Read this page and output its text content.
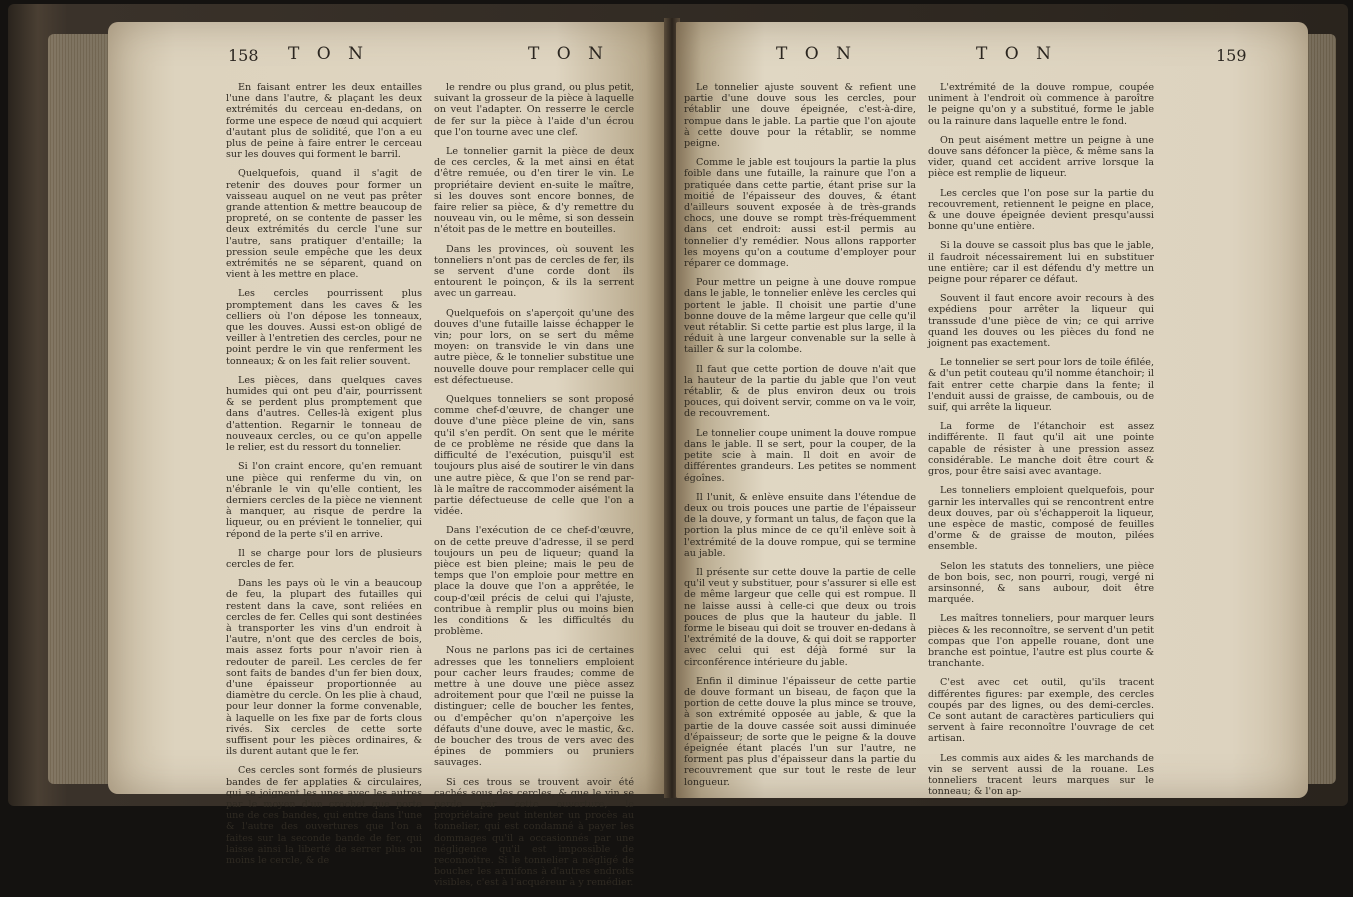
158 T O N	T O N

En faisant entrer les deux entailles l'une dans l'autre, & plaçant les deux extrémités du cerceau en-dedans, on forme une espece de nœud qui acquiert d'autant plus de solidité, que l'on a eu plus de peine à faire entrer le cerceau sur les douves qui forment le barril.

Quelquefois, quand il s'agit de retenir des douves pour former un vaisseau auquel on ne veut pas prêter grande attention & mettre beaucoup de propreté, on se contente de passer les deux extrémités du cercle l'une sur l'autre, sans pratiquer d'entaille; la pression seule empêche que les deux extrémités ne se séparent, quand on vient à les mettre en place.

Les cercles pourrissent plus promptement dans les caves & les celliers où l'on dépose les tonneaux, que les douves. Aussi est-on obligé de veiller à l'entretien des cercles, pour ne point perdre le vin que renferment les tonneaux; & on les fait relier souvent.

Les pièces, dans quelques caves humides qui ont peu d'air, pourrissent & se perdent plus promptement que dans d'autres. Celles-là exigent plus d'attention. Regarnir le tonneau de nouveaux cercles, ou ce qu'on appelle le relier, est du ressort du tonnelier.

Si l'on craint encore, qu'en remuant une pièce qui renferme du vin, on n'ébranle le vin qu'elle contient, les derniers cercles de la pièce ne viennent à manquer, au risque de perdre la liqueur, ou en prévient le tonnelier, qui répond de la perte s'il en arrive.

Il se charge pour lors de plusieurs cercles de fer.

Dans les pays où le vin a beaucoup de feu, la plupart des futailles qui restent dans la cave, sont reliées en cercles de fer. Celles qui sont destinées à transporter les vins d'un endroit à l'autre, n'ont que des cercles de bois, mais assez forts pour n'avoir rien à redouter de pareil. Les cercles de fer sont faits de bandes d'un fer bien doux, d'une épaisseur proportionnée au diamètre du cercle. On les plie à chaud, pour leur donner la forme convenable, à laquelle on les fixe par de forts clous rivés. Six cercles de cette sorte suffisent pour les pièces ordinaires, & ils durent autant que le fer.

Ces cercles sont formés de plusieurs bandes de fer applaties & circulaires, qui se joignent les unes avec les autres par le moyen d'un crochet que porte une de ces bandes, qui entre dans l'une & l'autre des ouvertures que l'on a faites sur la seconde bande de fer, qui laisse ainsi la liberté de serrer plus ou moins le cercle, & de

le rendre ou plus grand, ou plus petit, suivant la grosseur de la pièce à laquelle on veut l'adapter. On resserre le cercle de fer sur la pièce à l'aide d'un écrou que l'on tourne avec une clef.

Le tonnelier garnit la pièce de deux de ces cercles, & la met ainsi en état d'être remuée, ou d'en tirer le vin. Le propriétaire devient en-suite le maître, si les douves sont encore bonnes, de faire relier sa pièce, & d'y remettre du nouveau vin, ou le même, si son dessein n'étoit pas de le mettre en bouteilles.

Dans les provinces, où souvent les tonneliers n'ont pas de cercles de fer, ils se servent d'une corde dont ils entourent le poinçon, & ils la serrent avec un garreau.

Quelquefois on s'aperçoit qu'une des douves d'une futaille laisse échapper le vin; pour lors, on se sert du même moyen: on transvide le vin dans une autre pièce, & le tonnelier substitue une nouvelle douve pour remplacer celle qui est défectueuse.

Quelques tonneliers se sont proposé comme chef-d'œuvre, de changer une douve d'une pièce pleine de vin, sans qu'il s'en perdît. On sent que le mérite de ce problème ne réside que dans la difficulté de l'exécution, puisqu'il est toujours plus aisé de soutirer le vin dans une autre pièce, & que l'on se rend par-là le maître de raccommoder aisément la partie défectueuse de celle que l'on a vidée.

Dans l'exécution de ce chef-d'œuvre, on de cette preuve d'adresse, il se perd toujours un peu de liqueur; quand la pièce est bien pleine; mais le peu de temps que l'on emploie pour mettre en place la douve que l'on a apprêtée, le coup-d'œil précis de celui qui l'ajuste, contribue à remplir plus ou moins bien les conditions & les difficultés du problème.

Nous ne parlons pas ici de certaines adresses que les tonneliers emploient pour cacher leurs fraudes; comme de mettre à une douve une pièce assez adroitement pour que l'œil ne puisse la distinguer; celle de boucher les fentes, ou d'empêcher qu'on n'aperçoive les défauts d'une douve, avec le mastic, &c. de boucher des trous de vers avec des épines de pommiers ou pruniers sauvages.

Si ces trous se trouvent avoir été cachés sous des cercles, & que le vin se perde par cette ouverture, le propriétaire peut intenter un procès au tonnelier, qui est condamné à payer les dommages qu'il a occasionnés par une négligence qu'il est impossible de reconnoître. Si le tonnelier a négligé de boucher les armifons à d'autres endroits visibles, c'est à l'acquéreur à y remédier.

T O N	T O N	159

Le tonnelier ajuste souvent & refient une partie d'une douve sous les cercles, pour rétablir une douve épeignée, c'est-à-dire, rompue dans le jable. La partie que l'on ajoute à cette douve pour la rétablir, se nomme peigne.

Comme le jable est toujours la partie la plus foible dans une futaille, la rainure que l'on a pratiquée dans cette partie, étant prise sur la moitié de l'épaisseur des douves, & étant d'ailleurs souvent exposée à de très-grands chocs, une douve se rompt très-fréquemment dans cet endroit: aussi est-il permis au tonnelier d'y remédier. Nous allons rapporter les moyens qu'on a coutume d'employer pour réparer ce dommage.

Pour mettre un peigne à une douve rompue dans le jable, le tonnelier enlève les cercles qui portent le jable. Il choisit une partie d'une bonne douve de la même largeur que celle qu'il veut rétablir. Si cette partie est plus large, il la réduit à une largeur convenable sur la selle à tailler & sur la colombe.

Il faut que cette portion de douve n'ait que la hauteur de la partie du jable que l'on veut rétablir, & de plus environ deux ou trois pouces, qui doivent servir, comme on va le voir, de recouvrement.

Le tonnelier coupe uniment la douve rompue dans le jable. Il se sert, pour la couper, de la petite scie à main. Il doit en avoir de différentes grandeurs. Les petites se nomment égoînes.

Il l'unit, & enlève ensuite dans l'étendue de deux ou trois pouces une partie de l'épaisseur de la douve, y formant un talus, de façon que la portion la plus mince de ce qu'il enlève soit à l'extrémité de la douve rompue, qui se termine au jable.

Il présente sur cette douve la partie de celle qu'il veut y substituer, pour s'assurer si elle est de même largeur que celle qui est rompue. Il ne laisse aussi à celle-ci que deux ou trois pouces de plus que la hauteur du jable. Il forme le biseau qui doit se trouver en-dedans à l'extrémité de la douve, & qui doit se rapporter avec celui qui est déjà formé sur la circonférence intérieure du jable.

Enfin il diminue l'épaisseur de cette partie de douve formant un biseau, de façon que la portion de cette douve la plus mince se trouve, à son extrémité opposée au jable, & que la partie de la douve cassée soit aussi diminuée d'épaisseur; de sorte que le peigne & la douve épeignée étant placés l'un sur l'autre, ne forment pas plus d'épaisseur dans la partie du recouvrement que sur tout le reste de leur longueur.

L'extrémité de la douve rompue, coupée uniment à l'endroit où commence à paroître le peigne qu'on y a substitué, forme le jable ou la rainure dans laquelle entre le fond.

On peut aisément mettre un peigne à une douve sans défoncer la pièce, & même sans la vider, quand cet accident arrive lorsque la pièce est remplie de liqueur.

Les cercles que l'on pose sur la partie du recouvrement, retiennent le peigne en place, & une douve épeignée devient presqu'aussi bonne qu'une entière.

Si la douve se cassoit plus bas que le jable, il faudroit nécessairement lui en substituer une entière; car il est défendu d'y mettre un peigne pour réparer ce défaut.

Souvent il faut encore avoir recours à des expédiens pour arrêter la liqueur qui transsude d'une pièce de vin; ce qui arrive quand les douves ou les pièces du fond ne joignent pas exactement.

Le tonnelier se sert pour lors de toile éfilée, & d'un petit couteau qu'il nomme étanchoir; il fait entrer cette charpie dans la fente; il l'enduit aussi de graisse, de cambouis, ou de suif, qui arrête la liqueur.

La forme de l'étanchoir est assez indifférente. Il faut qu'il ait une pointe capable de résister à une pression assez considérable. Le manche doit être court & gros, pour être saisi avec avantage.

Les tonneliers emploient quelquefois, pour garnir les intervalles qui se rencontrent entre deux douves, par où s'échapperoit la liqueur, une espèce de mastic, composé de feuilles d'orme & de graisse de mouton, pilées ensemble.

Selon les statuts des tonneliers, une pièce de bon bois, sec, non pourri, rougi, vergé ni arsinsonné, & sans aubour, doit être marquée.

Les maîtres tonneliers, pour marquer leurs pièces & les reconnoître, se servent d'un petit compas que l'on appelle rouane, dont une branche est pointue, l'autre est plus courte & tranchante.

C'est avec cet outil, qu'ils tracent différentes figures: par exemple, des cercles coupés par des lignes, ou des demi-cercles. Ce sont autant de caractères particuliers qui servent à faire reconnoître l'ouvrage de cet artisan.

Les commis aux aides & les marchands de vin se servent aussi de la rouane. Les tonneliers tracent leurs marques sur le tonneau; & l'on ap-
